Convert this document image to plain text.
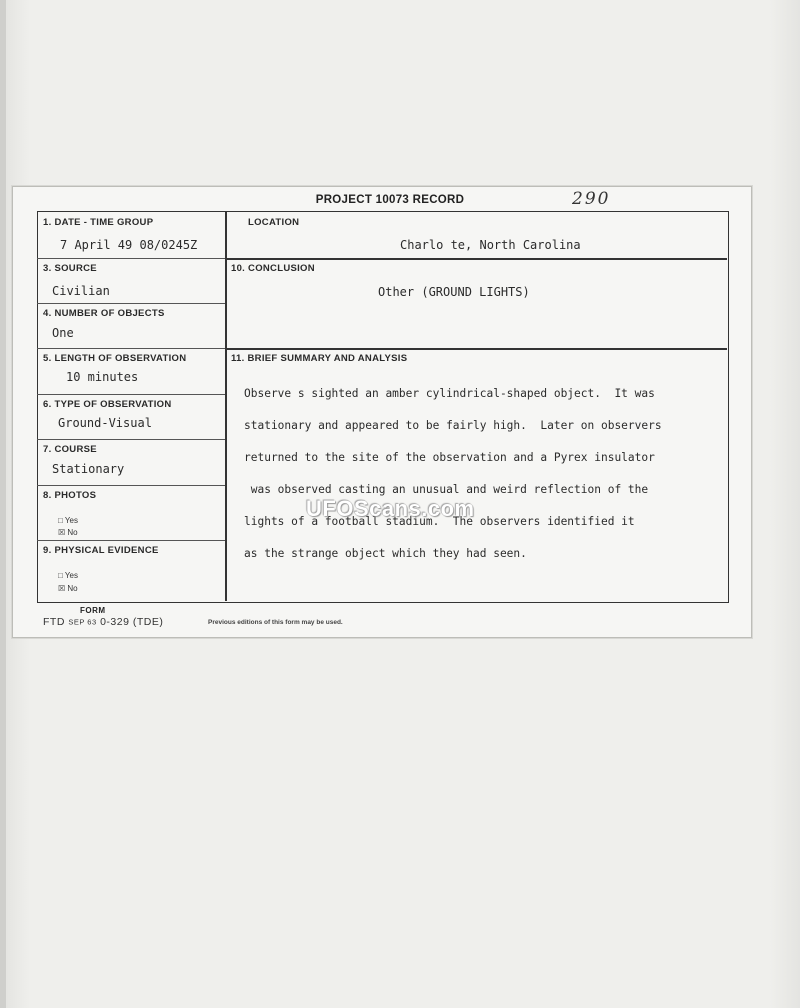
PROJECT 10073 RECORD	290
1. DATE - TIME GROUP
7 April 49 08/0245Z
LOCATION
Charlo te, North Carolina
3. SOURCE
Civilian
10. CONCLUSION
Other (GROUND LIGHTS)
4. NUMBER OF OBJECTS
One
5. LENGTH OF OBSERVATION
10 minutes
11. BRIEF SUMMARY AND ANALYSIS

Observe s sighted an amber cylindrical-shaped object.  It was

stationary and appeared to be fairly high.  Later on observers

returned to the site of the observation and a Pyrex insulator

was observed casting an unusual and weird reflection of the

lights of a football stadium.  The observers identified it

as the strange object which they had seen.

6. TYPE OF OBSERVATION
Ground-Visual
7. COURSE
Stationary
8. PHOTOS
□ Yes
☒ No
9. PHYSICAL EVIDENCE
□ Yes
☒ No
FORM
FTD SEP 63 0-329 (TDE)	Previous editions of this form may be used.
UFOScans.com
